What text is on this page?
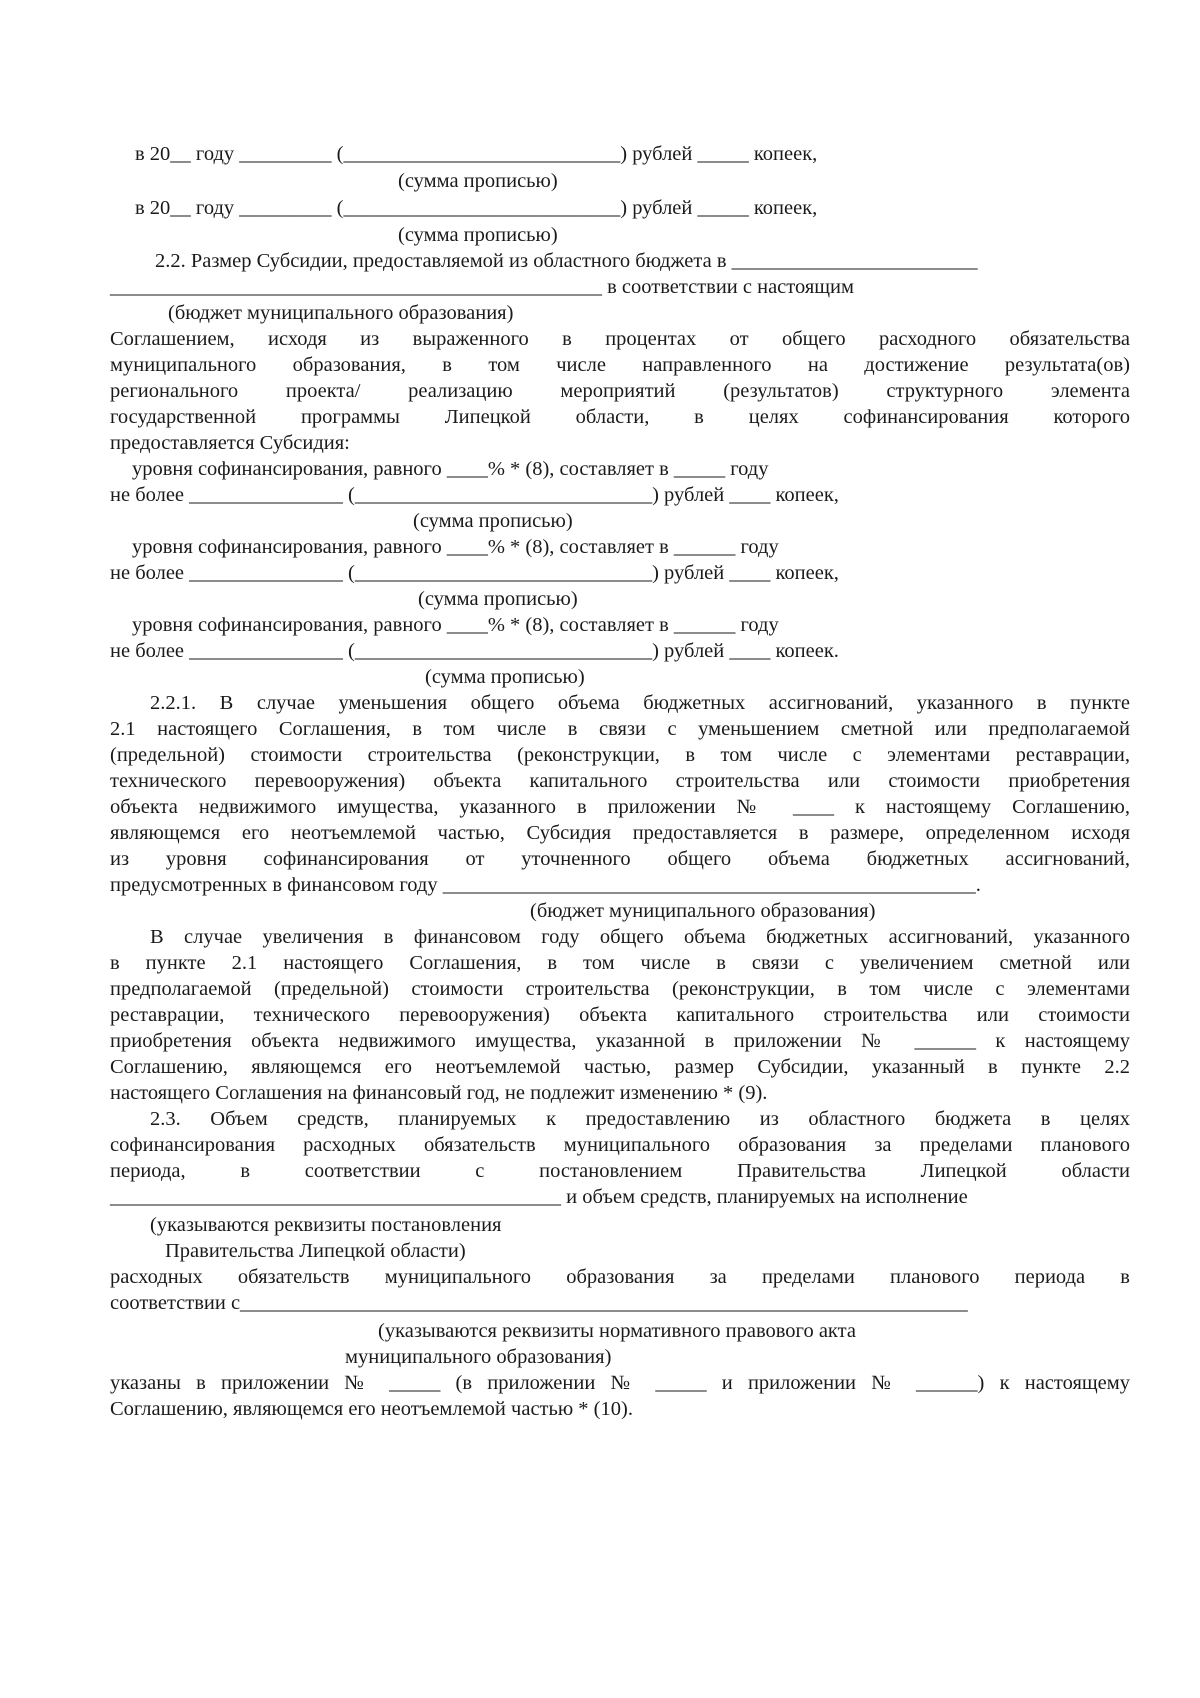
в 20__ году _________ (___________________________) рублей _____ копеек,
(сумма прописью)
в 20__ году _________ (___________________________) рублей _____ копеек,
(сумма прописью)
2.2. Размер Субсидии, предоставляемой из областного бюджета в ________________________
________________________________________________ в соответствии с настоящим
(бюджет муниципального образования)
Соглашением, исходя из выраженного в процентах от общего расходного обязательства
муниципального образования, в том числе направленного на достижение результата(ов)
регионального проекта/ реализацию мероприятий (результатов) структурного элемента
государственной программы Липецкой области, в целях софинансирования которого
предоставляется Субсидия:
уровня софинансирования, равного ____% * (8), составляет в _____ году
не более _______________ (_____________________________) рублей ____ копеек,
(сумма прописью)
уровня софинансирования, равного ____% * (8), составляет в ______ году
не более _______________ (_____________________________) рублей ____ копеек,
(сумма прописью)
уровня софинансирования, равного ____% * (8), составляет в ______ году
не более _______________ (_____________________________) рублей ____ копеек.
(сумма прописью)
2.2.1. В случае уменьшения общего объема бюджетных ассигнований, указанного в пункте
2.1 настоящего Соглашения, в том числе в связи с уменьшением сметной или предполагаемой
(предельной) стоимости строительства (реконструкции, в том числе с элементами реставрации,
технического перевооружения) объекта капитального строительства или стоимости приобретения
объекта недвижимого имущества, указанного в приложении № ____ к настоящему Соглашению,
являющемся его неотъемлемой частью, Субсидия предоставляется в размере, определенном исходя
из уровня софинансирования от уточненного общего объема бюджетных ассигнований,
предусмотренных в финансовом году ____________________________________________________.
(бюджет муниципального образования)
В случае увеличения в финансовом году общего объема бюджетных ассигнований, указанного
в пункте 2.1 настоящего Соглашения, в том числе в связи с увеличением сметной или
предполагаемой (предельной) стоимости строительства (реконструкции, в том числе с элементами
реставрации, технического перевооружения) объекта капитального строительства или стоимости
приобретения объекта недвижимого имущества, указанной в приложении № ______ к настоящему
Соглашению, являющемся его неотъемлемой частью, размер Субсидии, указанный в пункте 2.2
настоящего Соглашения на финансовый год, не подлежит изменению * (9).
2.3. Объем средств, планируемых к предоставлению из областного бюджета в целях
софинансирования расходных обязательств муниципального образования за пределами планового
периода, в соответствии с постановлением Правительства Липецкой области
____________________________________________ и объем средств, планируемых на исполнение
(указываются реквизиты постановления
Правительства Липецкой области)
расходных обязательств муниципального образования за пределами планового периода в
соответствии с_______________________________________________________________________
(указываются реквизиты нормативного правового акта
муниципального образования)
указаны в приложении № _____ (в приложении № _____ и приложении № ______) к настоящему
Соглашению, являющемся его неотъемлемой частью * (10).
